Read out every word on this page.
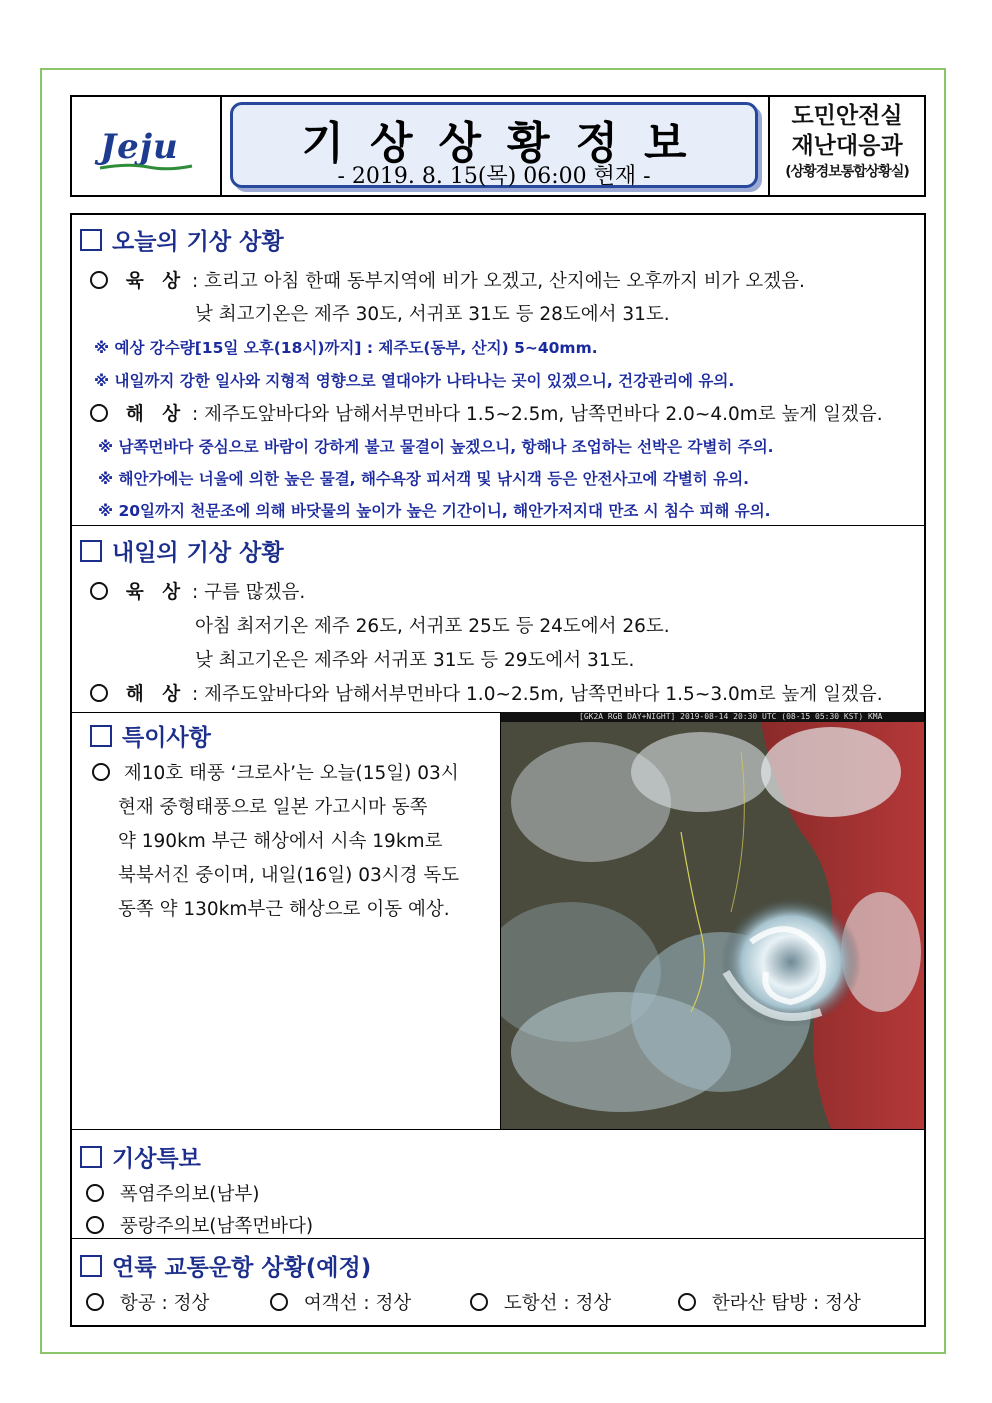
Jeju	기상상황정보
- 2019. 8. 15(목) 06:00 현재 -
도민안전실
재난대응과
(상황경보통합상황실)
오늘의 기상 상황
육 상 : 흐리고 아침 한때 동부지역에 비가 오겠고, 산지에는 오후까지 비가 오겠음.
낮 최고기온은 제주 30도, 서귀포 31도 등 28도에서 31도.
※ 예상 강수량[15일 오후(18시)까지] : 제주도(동부, 산지) 5~40mm.
※ 내일까지 강한 일사와 지형적 영향으로 열대야가 나타나는 곳이 있겠으니, 건강관리에 유의.
해 상 : 제주도앞바다와 남해서부먼바다 1.5~2.5m, 남쪽먼바다 2.0~4.0m로 높게 일겠음.
※ 남쪽먼바다 중심으로 바람이 강하게 불고 물결이 높겠으니, 항해나 조업하는 선박은 각별히 주의.
※ 해안가에는 너울에 의한 높은 물결, 해수욕장 피서객 및 낚시객 등은 안전사고에 각별히 유의.
※ 20일까지 천문조에 의해 바닷물의 높이가 높은 기간이니, 해안가저지대 만조 시 침수 피해 유의.
내일의 기상 상황
육 상 : 구름 많겠음.
아침 최저기온 제주 26도, 서귀포 25도 등 24도에서 26도.
낮 최고기온은 제주와 서귀포 31도 등 29도에서 31도.
해 상 : 제주도앞바다와 남해서부먼바다 1.0~2.5m, 남쪽먼바다 1.5~3.0m로 높게 일겠음.
특이사항
제10호 태풍 ‘크로사’는 오늘(15일) 03시
현재 중형태풍으로 일본 가고시마 동쪽
약 190km 부근 해상에서 시속 19km로
북북서진 중이며, 내일(16일) 03시경 독도
동쪽 약 130km부근 해상으로 이동 예상.
[GK2A RGB DAY+NIGHT] 2019-08-14 20:30 UTC (08-15 05:30 KST) KMA
기상특보
폭염주의보(남부)
풍랑주의보(남쪽먼바다)
연륙 교통운항 상황(예정)
항공 : 정상	여객선 : 정상	도항선 : 정상	한라산 탐방 : 정상
